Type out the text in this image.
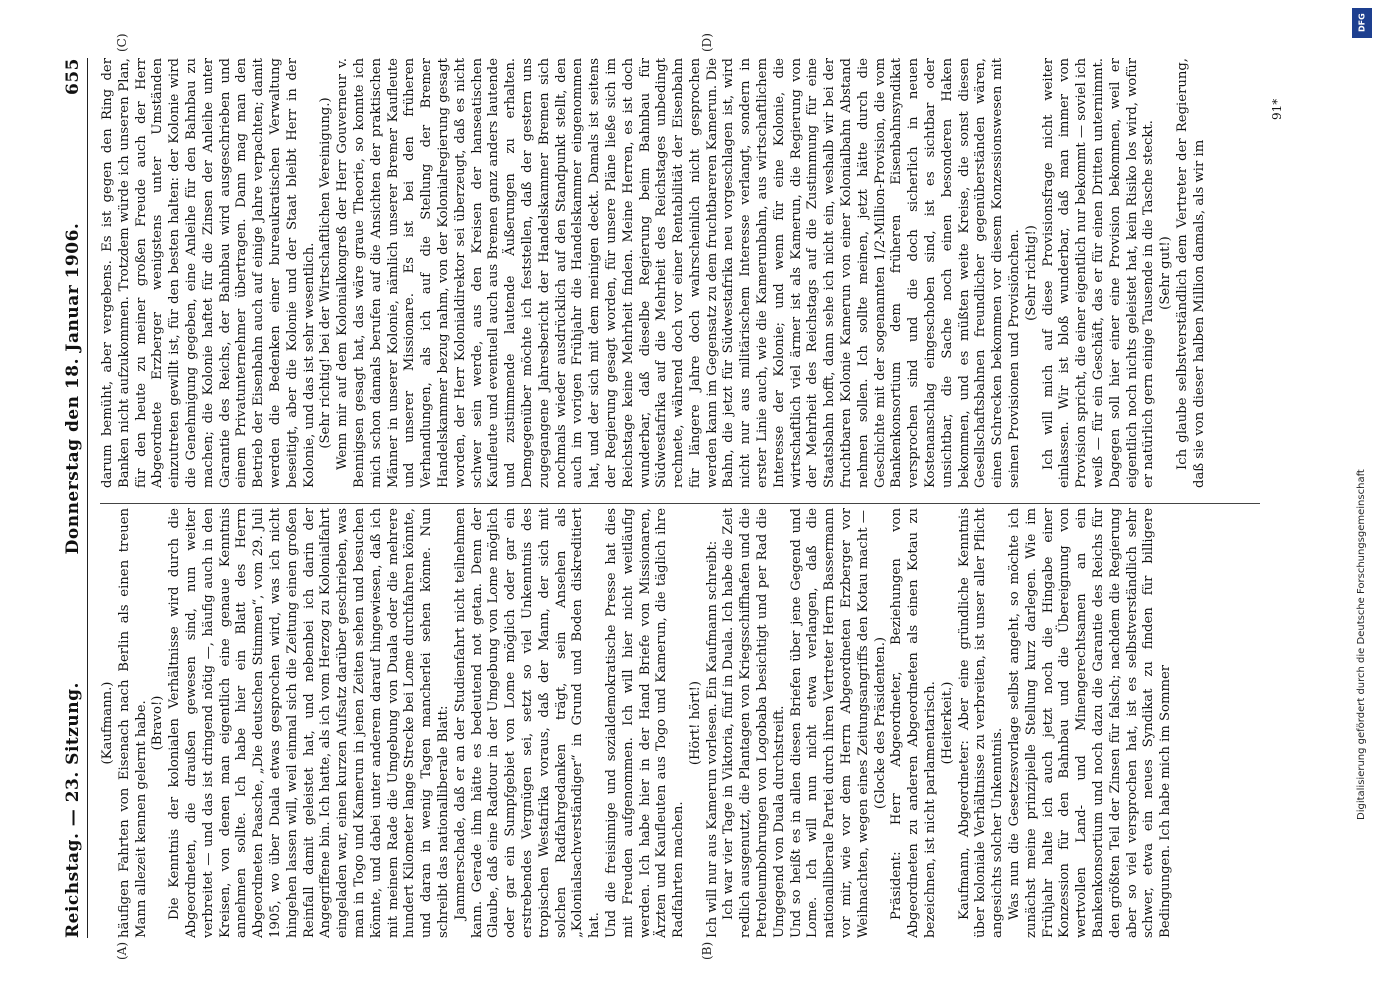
Reichstag. — 23. Sitzung.
Donnerstag den 18. Januar 1906.
655
(A)	(B)
(C)	(D)

(Kaufmann.) häufigen Fahrten von Eisenach nach Berlin als einen treuen Mann allezeit kennen gelernt habe. (Bravo!) Die Kenntnis der kolonialen Verhältnisse wird durch die Abgeordneten, die draußen gewesen sind, nun weiter verbreitet — und das ist dringend nötig —, häufig auch in den Kreisen, von denen man eigentlich eine genaue Kenntnis annehmen sollte. Ich habe hier ein Blatt des Herrn Abgeordneten Paasche, „Die deutschen Stimmen“, vom 29. Juli 1905, wo über Duala etwas gesprochen wird, was ich nicht hingehen lassen will, weil einmal sich die Zeitung einen großen Reinfall damit geleistet hat, und nebenbei ich darin der Angegriffene bin. Ich hatte, als ich vom Herzog zu Kolonialfahrt eingeladen war, einen kurzen Aufsatz darüber geschrieben, was man in Togo und Kamerun in jenen Zeiten sehen und besuchen könnte, und dabei unter anderem darauf hingewiesen, daß ich mit meinem Rade die Umgebung von Duala oder die mehrere hundert Kilometer lange Strecke bei Lome durchfahren könnte, und daran in wenig Tagen mancherlei sehen könne. Nun schreibt das nationalliberale Blatt: Jammerschade, daß er an der Studienfahrt nicht teilnehmen kann. Gerade ihm hätte es bedeutend not getan. Denn der Glaube, daß eine Radtour in der Umgebung von Lome möglich oder gar ein Sumpfgebiet von Lome möglich oder gar ein erstrebendes Vergnügen sei, setzt so viel Unkenntnis des tropischen Westafrika voraus, daß der Mann, der sich mit solchen Radfahrgedanken trägt, sein Ansehen als „Kolonialsachverständiger“ in Grund und Boden diskreditiert hat. Und die freisinnige und sozialdemokratische Presse hat dies mit Freuden aufgenommen. Ich will hier nicht weitläufig werden. Ich habe hier in der Hand Briefe von Missionaren, Ärzten und Kaufleuten aus Togo und Kamerun, die täglich ihre Radfahrten machen.

(Hört! hört!) Ich will nur aus Kamerun vorlesen. Ein Kaufmann schreibt: Ich war vier Tage in Viktoria, fünf in Duala. Ich habe die Zeit redlich ausgenutzt, die Plantagen von Kriegsschiffhafen und die Petroleumbohrungen von Logobaba besichtigt und per Rad die Umgegend von Duala durchstreift. Und so heißt es in allen diesen Briefen über jene Gegend und Lome. Ich will nun nicht etwa verlangen, daß die nationalliberale Partei durch ihren Vertreter Herrn Bassermann vor mir, wie vor dem Herrn Abgeordneten Erzberger vor Weihnachten, wegen eines Zeitungsangriffs den Kotau macht — (Glocke des Präsidenten.) Präsident: Herr Abgeordneter, Beziehungen von Abgeordneten zu anderen Abgeordneten als einen Kotau zu bezeichnen, ist nicht parlamentarisch. (Heiterkeit.) Kaufmann, Abgeordneter: Aber eine gründliche Kenntnis über koloniale Verhältnisse zu verbreiten, ist unser aller Pflicht angesichts solcher Unkenntnis. Was nun die Gesetzesvorlage selbst angeht, so möchte ich zunächst meine prinzipielle Stellung kurz darlegen. Wie im Frühjahr halte ich auch jetzt noch die Hingabe einer Konzession für den Bahnbau und die Übereignung von wertvollen Land- und Minengerechtsamen an ein Bankenkonsortium und noch dazu die Garantie des Reichs für den größten Teil der Zinsen für falsch; nachdem die Regierung aber so viel versprochen hat, ist es selbstverständlich sehr schwer, etwa ein neues Syndikat zu finden für billigere Bedingungen. Ich habe mich im Sommer

darum bemüht, aber vergebens. Es ist gegen den Ring der Banken nicht aufzukommen. Trotzdem würde ich unseren Plan, für den heute zu meiner großen Freude auch der Herr Abgeordnete Erzberger wenigstens unter Umständen einzutreten gewillt ist, für den besten halten: der Kolonie wird die Genehmigung gegeben, eine Anleihe für den Bahnbau zu machen; die Kolonie haftet für die Zinsen der Anleihe unter Garantie des Reichs, der Bahnbau wird ausgeschrieben und einem Privatunternehmer übertragen. Dann mag man den Betrieb der Eisenbahn auch auf einige Jahre verpachten; damit werden die Bedenken einer bureaukratischen Verwaltung beseitigt, aber die Kolonie und der Staat bleibt Herr in der Kolonie, und das ist sehr wesentlich. (Sehr richtig! bei der Wirtschaftlichen Vereinigung.) Wenn mir auf dem Kolonialkongreß der Herr Gouverneur v. Bennigsen gesagt hat, das wäre graue Theorie, so konnte ich mich schon damals berufen auf die Ansichten der praktischen Männer in unserer Kolonie, nämlich unserer Bremer Kaufleute und unserer Missionare. Es ist bei den früheren Verhandlungen, als ich auf die Stellung der Bremer Handelskammer bezug nahm, von der Kolonialregierung gesagt worden, der Herr Kolonialdirektor sei überzeugt, daß es nicht schwer sein werde, aus den Kreisen der hanseatischen Kaufleute und eventuell auch aus Bremen ganz anders lautende und zustimmende lautende Äußerungen zu erhalten. Demgegenüber möchte ich feststellen, daß der gestern uns zugegangene Jahresbericht der Handelskammer Bremen sich nochmals wieder ausdrücklich auf den Standpunkt stellt, den auch im vorigen Frühjahr die Handelskammer eingenommen hat, und der sich mit dem meinigen deckt. Damals ist seitens der Regierung gesagt worden, für unsere Pläne ließe sich im Reichstage keine Mehrheit finden. Meine Herren, es ist doch wunderbar, daß dieselbe Regierung beim Bahnbau für Südwestafrika auf die Mehrheit des Reichstages unbedingt rechnete, während doch vor einer Rentabilität der Eisenbahn für längere Jahre doch wahrscheinlich nicht gesprochen werden kann im Gegensatz zu dem fruchtbareren Kamerun. Die Bahn, die jetzt für Südwestafrika neu vorgeschlagen ist, wird nicht nur aus militärischem Interesse verlangt, sondern in erster Linie auch, wie die Kamerunbahn, aus wirtschaftlichem Interesse der Kolonie; und wenn für eine Kolonie, die wirtschaftlich viel ärmer ist als Kamerun, die Regierung von der Mehrheit des Reichstags auf die Zustimmung für eine Staatsbahn hofft, dann sehe ich nicht ein, weshalb wir bei der fruchtbaren Kolonie Kamerun von einer Kolonialbahn Abstand nehmen sollen. Ich sollte meinen, jetzt hätte durch die Geschichte mit der sogenannten 1/2-Million-Provision, die vom Bankenkonsortium dem früheren Eisenbahnsyndikat versprochen sind und die doch sicherlich in neuen Kostenanschlag eingeschoben sind, ist es sichtbar oder unsichtbar, die Sache noch einen besonderen Haken bekommen, und es müßten weite Kreise, die sonst diesen Gesellschaftsbahnen freundlicher gegenüberständen wären, einen Schrecken bekommen vor diesem Konzessionswesen mit seinen Provisionen und Provisiönchen. (Sehr richtig!) Ich will mich auf diese Provisionsfrage nicht weiter einlassen. Wir ist bloß wunderbar, daß man immer von Provision spricht, die einer eigentlich nur bekommt — soviel ich weiß — für ein Geschäft, das er für einen Dritten unternimmt. Dagegen soll hier einer eine Provision bekommen, weil er eigentlich noch nichts geleistet hat, kein Risiko los wird, wofür er natürlich gern einige Tausende in die Tasche steckt. (Sehr gut!) Ich glaube selbstverständlich dem Vertreter der Regierung, daß sie von dieser halben Million damals, als wir im

91*
DFG
Digitalisierung gefördert durch die Deutsche Forschungsgemeinschaft
